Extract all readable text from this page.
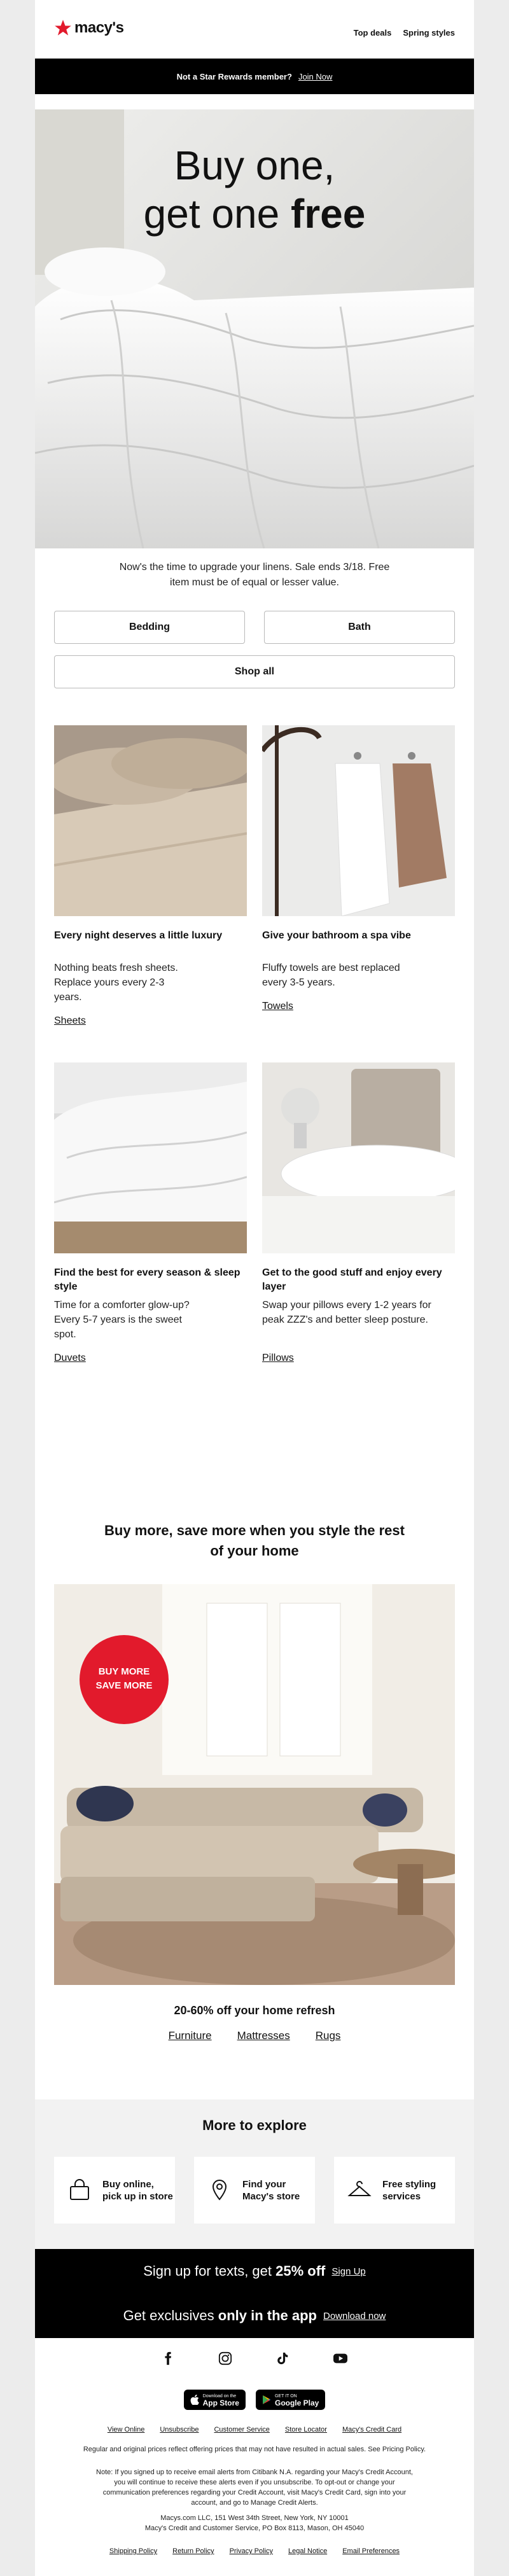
macy's	Top deals Spring styles
Not a Star Rewards member? Join Now
Buy one,
get one free
Now's the time to upgrade your linens. Sale ends 3/18. Free item must be of equal or lesser value.
Bedding	Bath
Shop all
Every night deserves a little luxury
Nothing beats fresh sheets. Replace yours every 2-3 years.
Sheets
Give your bathroom a spa vibe
Fluffy towels are best replaced every 3-5 years.
Towels
Find the best for every season & sleep style
Time for a comforter glow-up? Every 5-7 years is the sweet spot.
Duvets
Get to the good stuff and enjoy every layer
Swap your pillows every 1-2 years for peak ZZZ's and better sleep posture.
Pillows
Buy more, save more when you style the rest of your home
BUY MORE
SAVE MORE
20-60% off your home refresh
Furniture Mattresses Rugs
More to explore
Buy online, pick up in store
Find your Macy's store
Free styling services
Sign up for texts, get
25% off Sign Up
Get exclusives
only in the app Download now
Download on the
App Store
GET IT ON
Google Play
View Online Unsubscribe Customer Service Store Locator Macy's Credit Card
Regular and original prices reflect offering prices that may not have resulted in actual sales. See Pricing Policy.
Note: If you signed up to receive email alerts from Citibank N.A. regarding your Macy's Credit Account, you will continue to receive these alerts even if you unsubscribe. To opt-out or change your communication preferences regarding your Credit Account, visit Macy's Credit Card, sign into your account, and go to Manage Credit Alerts.
Macys.com LLC, 151 West 34th Street, New York, NY 10001
Macy's Credit and Customer Service, PO Box 8113, Mason, OH 45040
Shipping Policy Return Policy Privacy Policy Legal Notice Email Preferences
